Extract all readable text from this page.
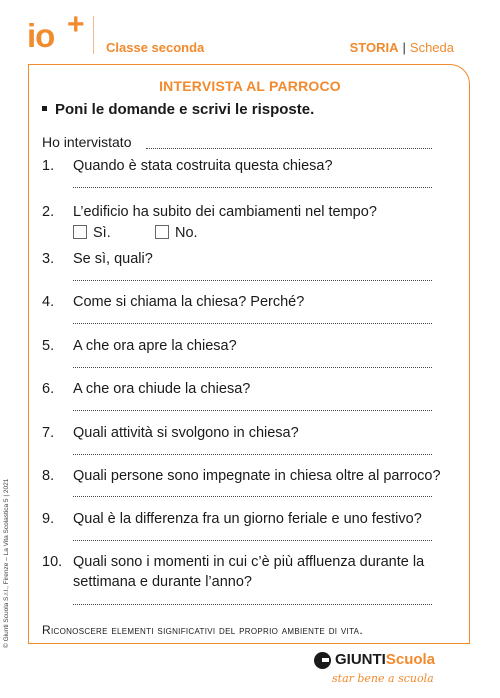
io +
Classe seconda	STORIA | Scheda
INTERVISTA AL PARROCO
Poni le domande e scrivi le risposte.
Ho intervistato
1. Quando è stata costruita questa chiesa?
2. L’edificio ha subito dei cambiamenti nel tempo?
Sì.	No.
3. Se sì, quali?
4. Come si chiama la chiesa? Perché?
5. A che ora apre la chiesa?
6. A che ora chiude la chiesa?
7. Quali attività si svolgono in chiesa?
8. Quali persone sono impegnate in chiesa oltre al parroco?
9. Qual è la differenza fra un giorno feriale e uno festivo?
10. Quali sono i momenti in cui c’è più affluenza durante la
settimana e durante l’anno?
Riconoscere elementi significativi del proprio ambiente di vita.
© Giunti Scuola S.r.l., Firenze – La Vita Scolastica 5 | 2021
GIUNTIScuola
star bene a scuola
